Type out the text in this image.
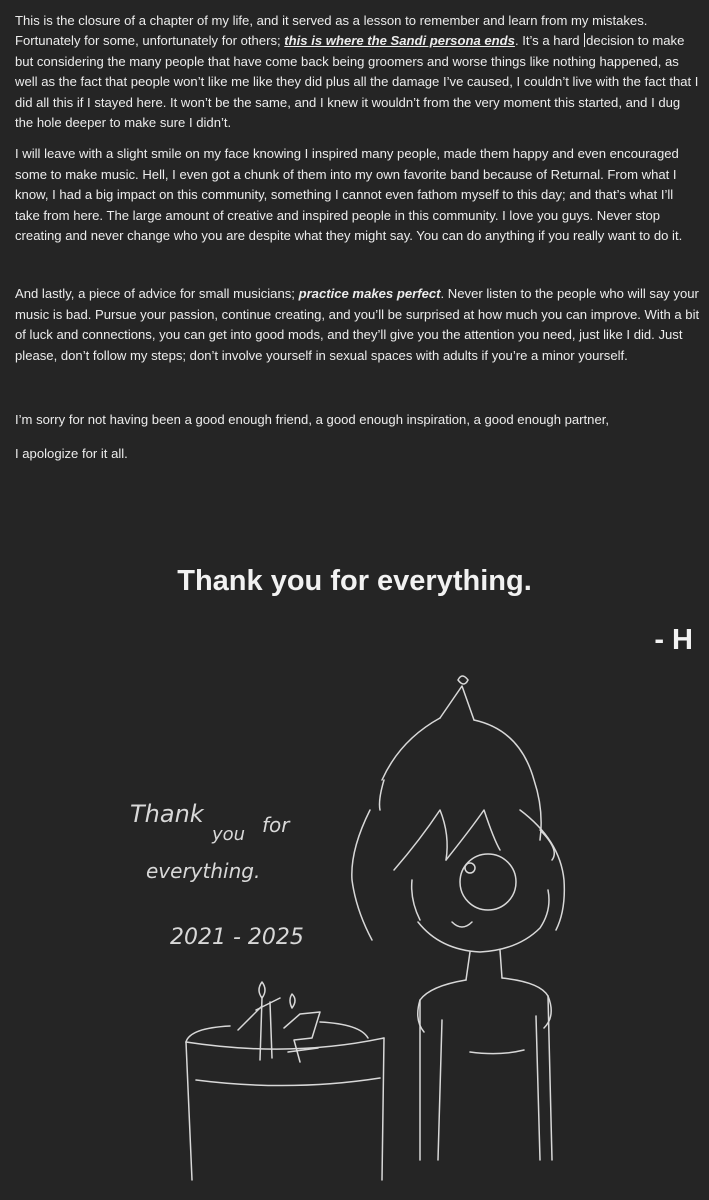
This is the closure of a chapter of my life, and it served as a lesson to remember and learn from my mistakes. Fortunately for some, unfortunately for others; this is where the Sandi persona ends. It’s a hard decision to make but considering the many people that have come back being groomers and worse things like nothing happened, as well as the fact that people won’t like me like they did plus all the damage I’ve caused, I couldn’t live with the fact that I did all this if I stayed here. It won’t be the same, and I knew it wouldn’t from the very moment this started, and I dug the hole deeper to make sure I didn’t.

I will leave with a slight smile on my face knowing I inspired many people, made them happy and even encouraged some to make music. Hell, I even got a chunk of them into my own favorite band because of Returnal. From what I know, I had a big impact on this community, something I cannot even fathom myself to this day; and that’s what I’ll take from here. The large amount of creative and inspired people in this community. I love you guys. Never stop creating and never change who you are despite what they might say. You can do anything if you really want to do it.

And lastly, a piece of advice for small musicians; practice makes perfect. Never listen to the people who will say your music is bad. Pursue your passion, continue creating, and you’ll be surprised at how much you can improve. With a bit of luck and connections, you can get into good mods, and they’ll give you the attention you need, just like I did. Just please, don’t follow my steps; don’t involve yourself in sexual spaces with adults if you’re a minor yourself.

I’m sorry for not having been a good enough friend, a good enough inspiration, a good enough partner,

I apologize for it all.

Thank you for everything.
- H
Thank
you for
everything.
2021 - 2025
